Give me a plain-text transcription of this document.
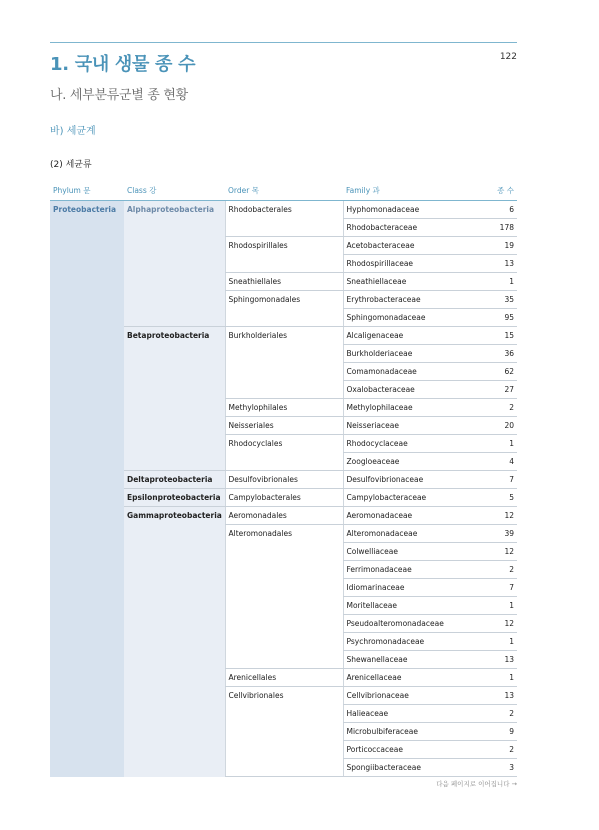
122
1. 국내 생물 종 수
나. 세부분류군별 종 현황
바) 세균계
(2) 세균류
Phylum 문	Class 강	Order 목	Family 과	종 수
Proteobacteria	Alphaproteobacteria	Rhodobacterales	Hyphomonadaceae	6
			Rhodobacteraceae	178
		Rhodospirillales	Acetobacteraceae	19
			Rhodospirillaceae	13
		Sneathiellales	Sneathiellaceae	1
		Sphingomonadales	Erythrobacteraceae	35
			Sphingomonadaceae	95
	Betaproteobacteria	Burkholderiales	Alcaligenaceae	15
			Burkholderiaceae	36
			Comamonadaceae	62
			Oxalobacteraceae	27
		Methylophilales	Methylophilaceae	2
		Neisseriales	Neisseriaceae	20
		Rhodocyclales	Rhodocyclaceae	1
			Zoogloeaceae	4
	Deltaproteobacteria	Desulfovibrionales	Desulfovibrionaceae	7
	Epsilonproteobacteria	Campylobacterales	Campylobacteraceae	5
	Gammaproteobacteria	Aeromonadales	Aeromonadaceae	12
		Alteromonadales	Alteromonadaceae	39
			Colwelliaceae	12
			Ferrimonadaceae	2
			Idiomarinaceae	7
			Moritellaceae	1
			Pseudoalteromonadaceae	12
			Psychromonadaceae	1
			Shewanellaceae	13
		Arenicellales	Arenicellaceae	1
		Cellvibrionales	Cellvibrionaceae	13
			Halieaceae	2
			Microbulbiferaceae	9
			Porticoccaceae	2
			Spongiibacteraceae	3
다음 페이지로 이어집니다 →
